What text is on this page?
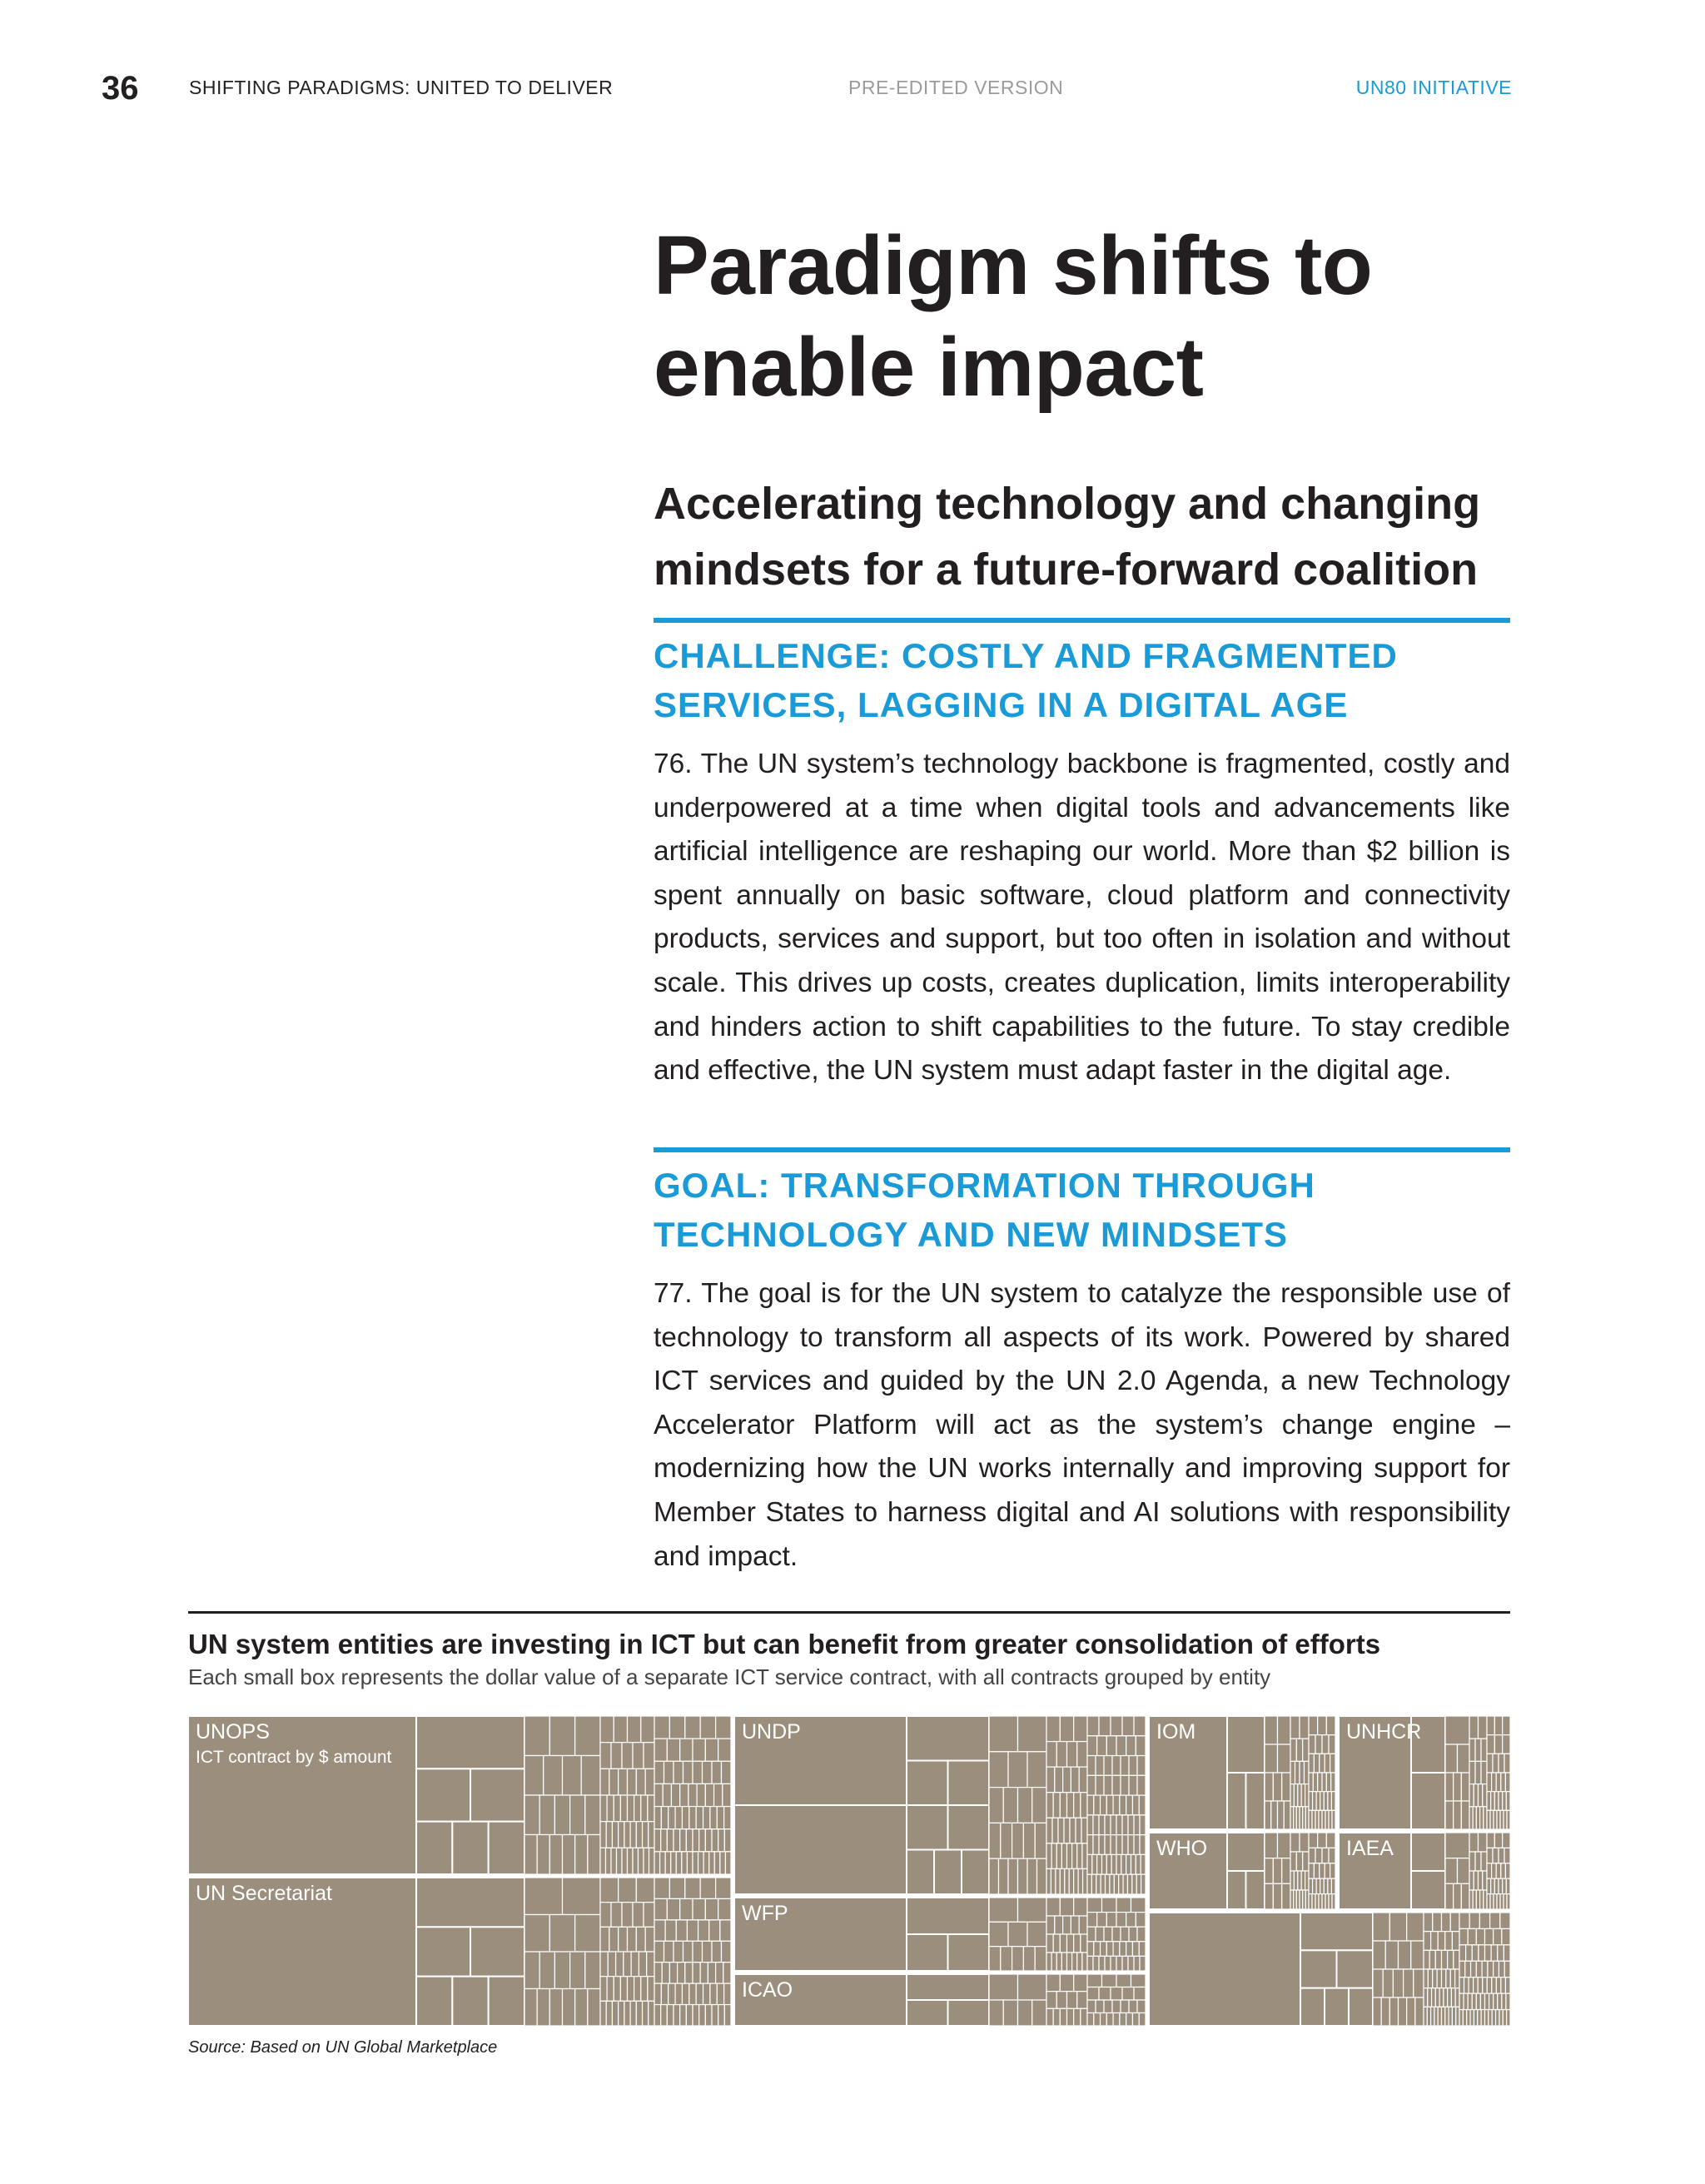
36	SHIFTING PARADIGMS: UNITED TO DELIVER	PRE-EDITED VERSION	UN80 INITIATIVE
Paradigm shifts to
enable impact
Accelerating technology and changing
mindsets for a future-forward coalition
CHALLENGE: COSTLY AND FRAGMENTED
SERVICES, LAGGING IN A DIGITAL AGE

76. The UN system’s technology backbone is fragmented, costly and underpowered at a time when digital tools and advancements like artificial intelligence are reshaping our world. More than $2 billion is spent annually on basic software, cloud platform and connectivity products, services and support, but too often in isolation and without scale. This drives up costs, creates duplication, limits interoperability and hinders action to shift capabilities to the future. To stay credible and effective, the UN system must adapt faster in the digital age.

GOAL: TRANSFORMATION THROUGH
TECHNOLOGY AND NEW MINDSETS

77. The goal is for the UN system to catalyze the responsible use of technology to transform all aspects of its work. Powered by shared ICT services and guided by the UN 2.0 Agenda, a new Technology Accelerator Platform will act as the system’s change engine – modernizing how the UN works internally and improving support for Member States to harness digital and AI solutions with responsibility and impact.

UN system entities are investing in ICT but can benefit from greater consolidation of efforts

Each small box represents the dollar value of a separate ICT service contract, with all contracts grouped by entity

UNOPS
UN Secretariat
UNDP
WFP
ICAO
IOM	UNHCR
WHO	IAEA
ICT contract by $ amount
Source: Based on UN Global Marketplace
